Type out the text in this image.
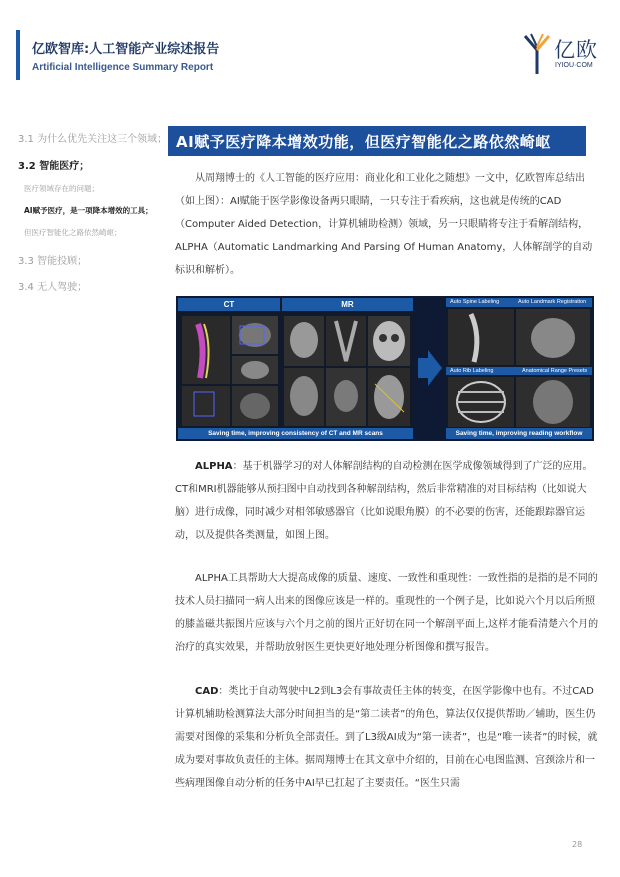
亿欧智库:人工智能产业综述报告
Artificial Intelligence Summary Report
亿欧
IYIOU·COM
3.1 为什么优先关注这三个领域；
3.2 智能医疗；
医疗领域存在的问题；
AI赋予医疗，是一项降本增效的工具；
但医疗智能化之路依然崎岖；
3.3 智能投顾；
3.4 无人驾驶；
AI赋予医疗降本增效功能，但医疗智能化之路依然崎岖
从周翔博士的《人工智能的医疗应用：商业化和工业化之随想》一文中，亿欧智库总结出（如上图）：AI赋能于医学影像设备两只眼睛，一只专注于看疾病，这也就是传统的CAD（Computer Aided Detection，计算机辅助检测）领域，另一只眼睛将专注于看解剖结构，ALPHA（Automatic Landmarking And Parsing Of Human Anatomy，人体解剖学的自动标识和解析）。
CT	MR
Saving time, improving consistency of CT and MR scans
Auto Spine Labeling	Auto Landmark Registration
Auto Rib Labeling	Anatomical Range Presets
Saving time, improving reading workflow
ALPHA：基于机器学习的对人体解剖结构的自动检测在医学成像领域得到了广泛的应用。CT和MRI机器能够从预扫图中自动找到各种解剖结构，然后非常精准的对目标结构（比如说大脑）进行成像，同时减少对相邻敏感器官（比如说眼角膜）的不必要的伤害，还能跟踪器官运动，以及提供各类测量，如图上图。
ALPHA工具帮助大大提高成像的质量、速度、一致性和重现性：一致性指的是指的是不同的技术人员扫描同一病人出来的图像应该是一样的。重现性的一个例子是，比如说六个月以后所照的膝盖磁共振图片应该与六个月之前的图片正好切在同一个解剖平面上,这样才能看清楚六个月的治疗的真实效果，并帮助放射医生更快更好地处理分析图像和撰写报告。
CAD：类比于自动驾驶中L2到L3会有事故责任主体的转变，在医学影像中也有。不过CAD计算机辅助检测算法大部分时间担当的是“第二读者”的角色，算法仅仅提供帮助／辅助，医生仍需要对图像的采集和分析负全部责任。到了L3级AI成为“第一读者”，也是“唯一读者”的时候，就成为要对事故负责任的主体。据周翔博士在其文章中介绍的，目前在心电图监测、宫颈涂片和一些病理图像自动分析的任务中AI早已扛起了主要责任。“医生只需
28
